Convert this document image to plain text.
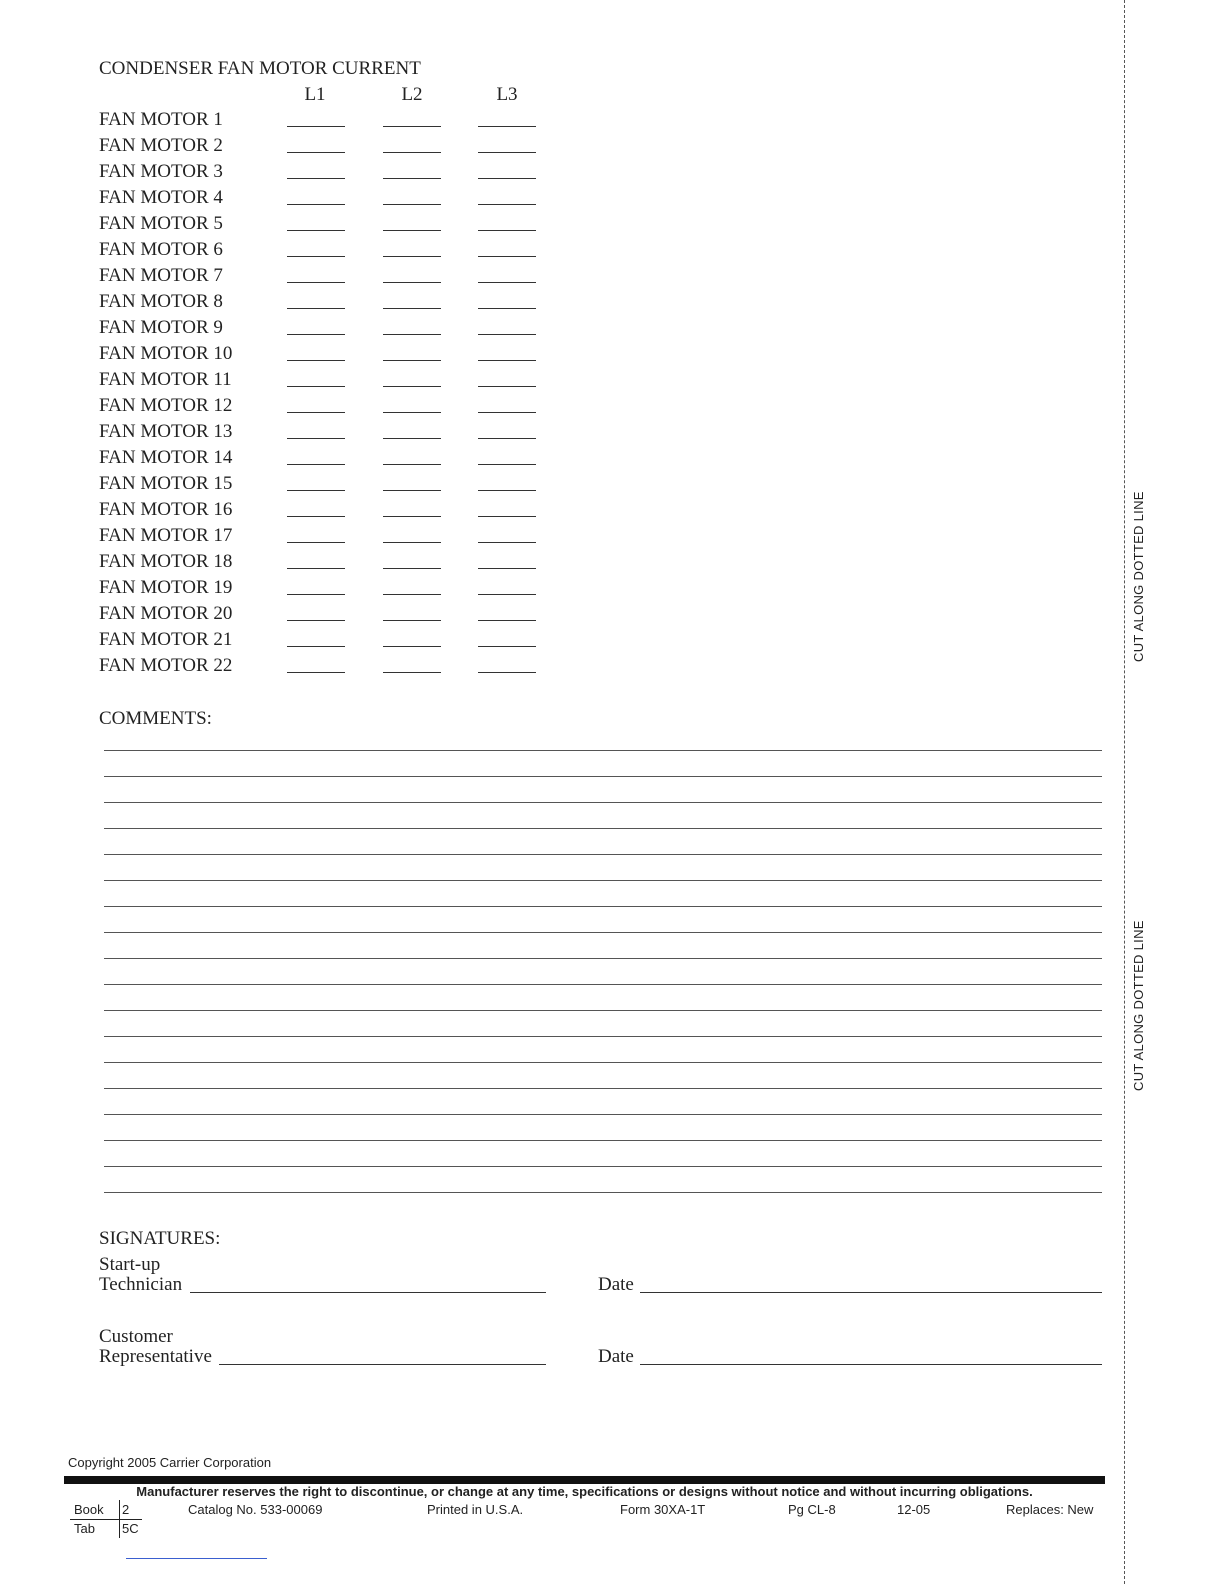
CONDENSER FAN MOTOR CURRENT
L1	L2	L3
FAN MOTOR 1
FAN MOTOR 2
FAN MOTOR 3
FAN MOTOR 4
FAN MOTOR 5
FAN MOTOR 6
FAN MOTOR 7
FAN MOTOR 8
FAN MOTOR 9
FAN MOTOR 10
FAN MOTOR 11
FAN MOTOR 12
FAN MOTOR 13
FAN MOTOR 14
FAN MOTOR 15
FAN MOTOR 16
FAN MOTOR 17
FAN MOTOR 18
FAN MOTOR 19
FAN MOTOR 20
FAN MOTOR 21
FAN MOTOR 22
COMMENTS:
SIGNATURES:
Start-up
Technician	Date
Customer
Representative	Date
CUT ALONG DOTTED LINE
CUT ALONG DOTTED LINE
Copyright 2005 Carrier Corporation
Manufacturer reserves the right to discontinue, or change at any time, specifications or designs without notice and without incurring obligations.
Book 2
Tab 5C
Catalog No. 533-00069	Printed in U.S.A.	Form 30XA-1T	Pg CL-8	12-05	Replaces: New
